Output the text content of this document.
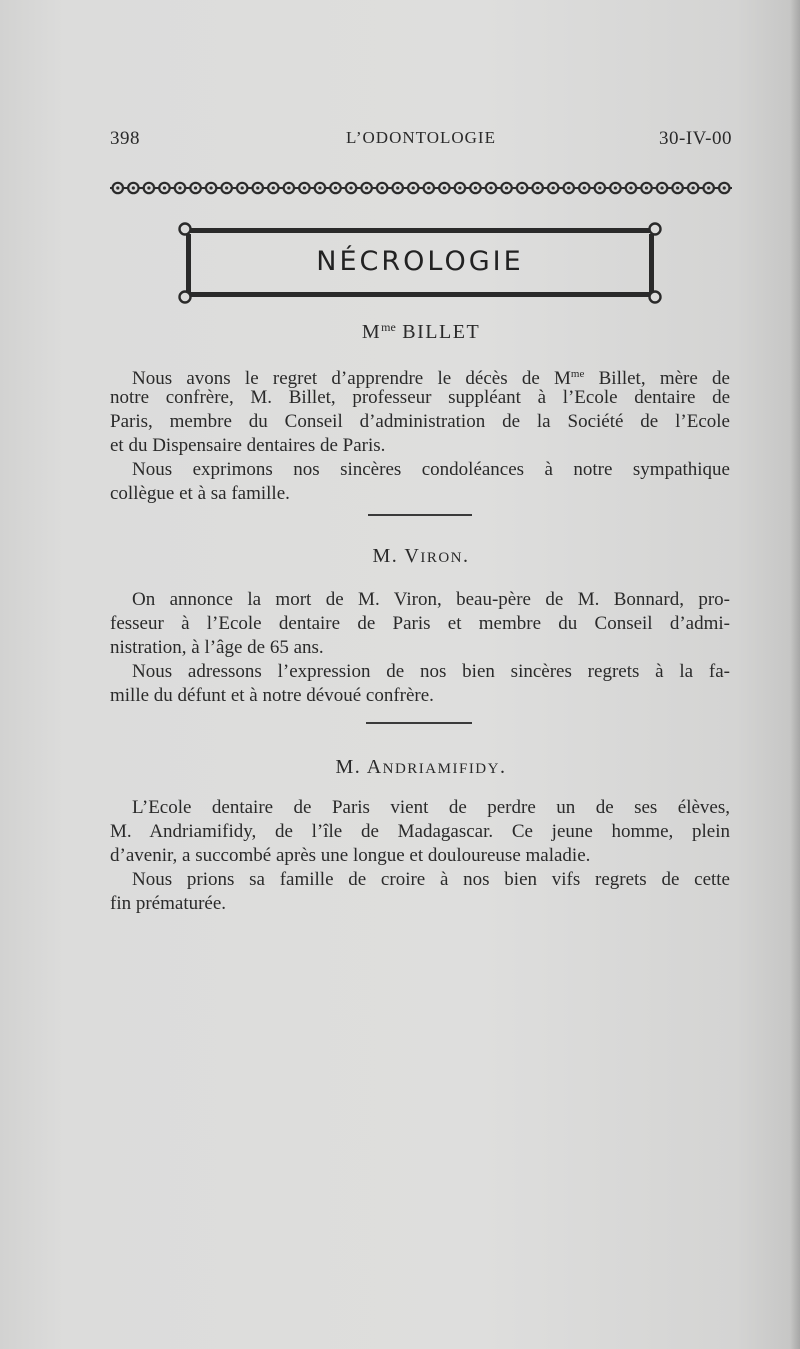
398	L’ODONTOLOGIE	30-IV-00
NÉCROLOGIE
$M^{me}$ BILLET
Nous avons le regret d’apprendre le décès de $M^{me}$ Billet, mère de
notre confrère, M. Billet, professeur suppléant à l’Ecole dentaire de
Paris, membre du Conseil d’administration de la Société de l’Ecole
et du Dispensaire dentaires de Paris.
Nous exprimons nos sincères condoléances à notre sympathique
collègue et à sa famille.
M. VIRON.
On annonce la mort de M. Viron, beau-père de M. Bonnard, pro-
fesseur à l’Ecole dentaire de Paris et membre du Conseil d’admi-
nistration, à l’âge de 65 ans.
Nous adressons l’expression de nos bien sincères regrets à la fa-
mille du défunt et à notre dévoué confrère.
M. ANDRIAMIFIDY.
L’Ecole dentaire de Paris vient de perdre un de ses élèves,
M. Andriamifidy, de l’île de Madagascar. Ce jeune homme, plein
d’avenir, a succombé après une longue et douloureuse maladie.
Nous prions sa famille de croire à nos bien vifs regrets de cette
fin prématurée.
